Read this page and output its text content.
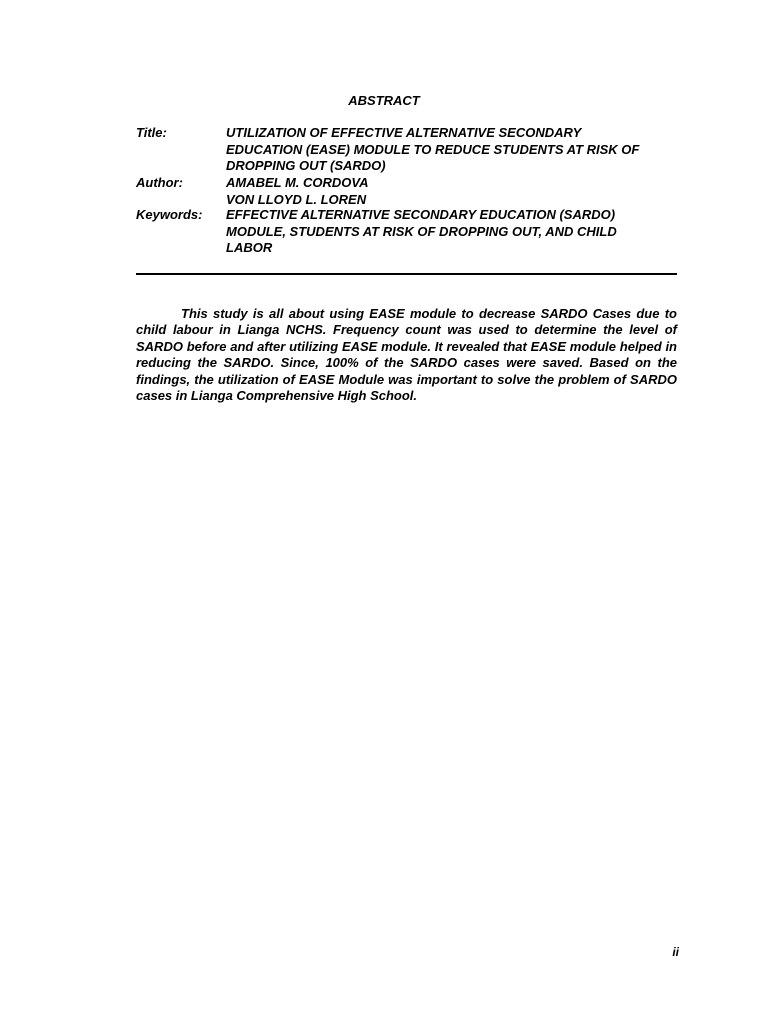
ABSTRACT
Title:	UTILIZATION OF EFFECTIVE ALTERNATIVE SECONDARY
EDUCATION (EASE) MODULE TO REDUCE STUDENTS AT RISK OF
DROPPING OUT (SARDO)
Author:	AMABEL M. CORDOVA
VON LLOYD L. LOREN
Keywords:	EFFECTIVE ALTERNATIVE SECONDARY EDUCATION (SARDO)
MODULE, STUDENTS AT RISK OF DROPPING OUT, AND CHILD
LABOR

This study is all about using EASE module to decrease SARDO Cases due to child labour in Lianga NCHS. Frequency count was used to determine the level of SARDO before and after utilizing EASE module. It revealed that EASE module helped in reducing the SARDO. Since, 100% of the SARDO cases were saved. Based on the findings, the utilization of EASE Module was important to solve the problem of SARDO cases in Lianga Comprehensive High School.

ii
